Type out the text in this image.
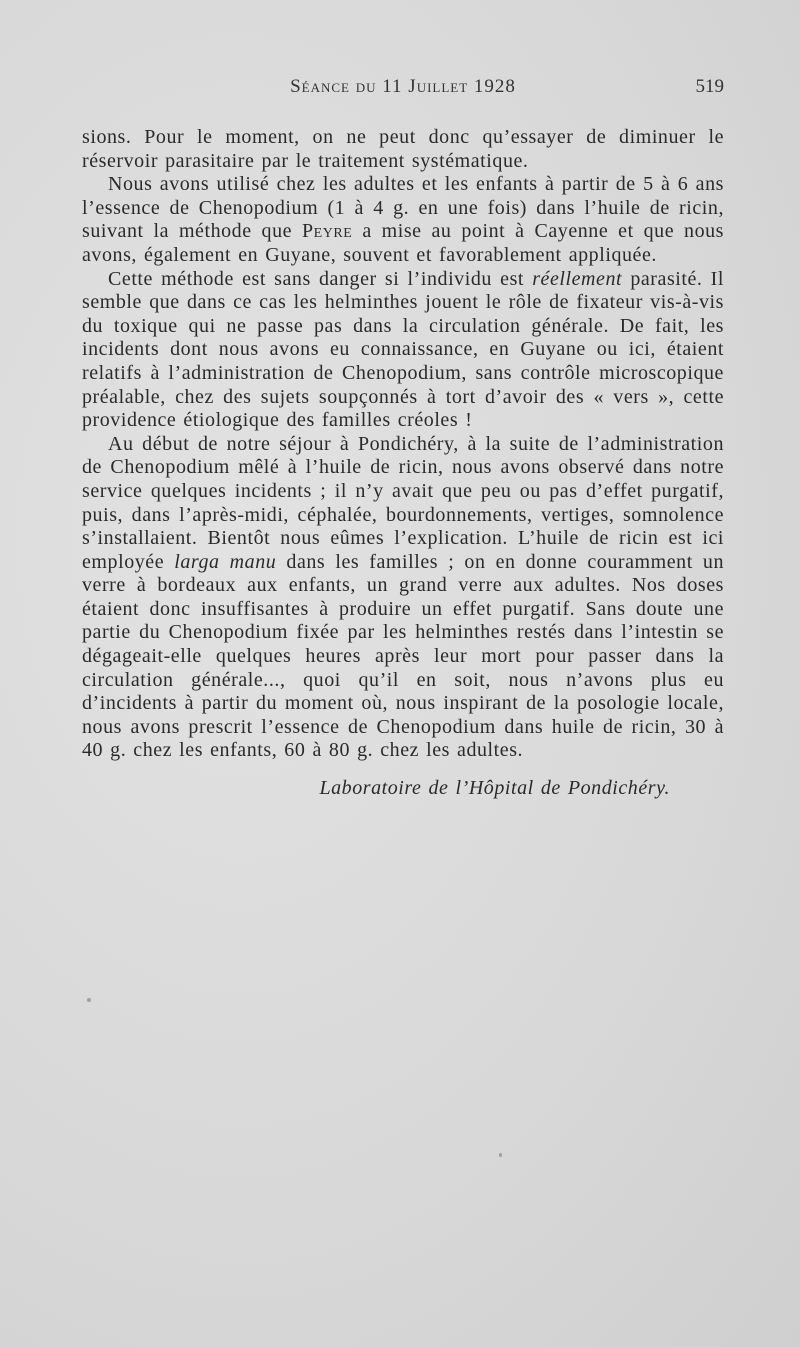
Séance du 11 Juillet 1928	519

sions. Pour le moment, on ne peut donc qu’essayer de diminuer le réservoir parasitaire par le traitement systématique.

Nous avons utilisé chez les adultes et les enfants à partir de 5 à 6 ans l’essence de Chenopodium (1 à 4 g. en une fois) dans l’huile de ricin, suivant la méthode que Peyre a mise au point à Cayenne et que nous avons, également en Guyane, souvent et favorablement appliquée.

Cette méthode est sans danger si l’individu est réellement parasité. Il semble que dans ce cas les helminthes jouent le rôle de fixateur vis-à-vis du toxique qui ne passe pas dans la circulation générale. De fait, les incidents dont nous avons eu connaissance, en Guyane ou ici, étaient relatifs à l’administration de Chenopodium, sans contrôle microscopique préalable, chez des sujets soupçonnés à tort d’avoir des « vers », cette providence étiologique des familles créoles !

Au début de notre séjour à Pondichéry, à la suite de l’administration de Chenopodium mêlé à l’huile de ricin, nous avons observé dans notre service quelques incidents ; il n’y avait que peu ou pas d’effet purgatif, puis, dans l’après-midi, céphalée, bourdonnements, vertiges, somnolence s’installaient. Bientôt nous eûmes l’explication. L’huile de ricin est ici employée larga manu dans les familles ; on en donne couramment un verre à bordeaux aux enfants, un grand verre aux adultes. Nos doses étaient donc insuffisantes à produire un effet purgatif. Sans doute une partie du Chenopodium fixée par les helminthes restés dans l’intestin se dégageait-elle quelques heures après leur mort pour passer dans la circulation générale..., quoi qu’il en soit, nous n’avons plus eu d’incidents à partir du moment où, nous inspirant de la posologie locale, nous avons prescrit l’essence de Chenopodium dans huile de ricin, 30 à 40 g. chez les enfants, 60 à 80 g. chez les adultes.

Laboratoire de l’Hôpital de Pondichéry.
